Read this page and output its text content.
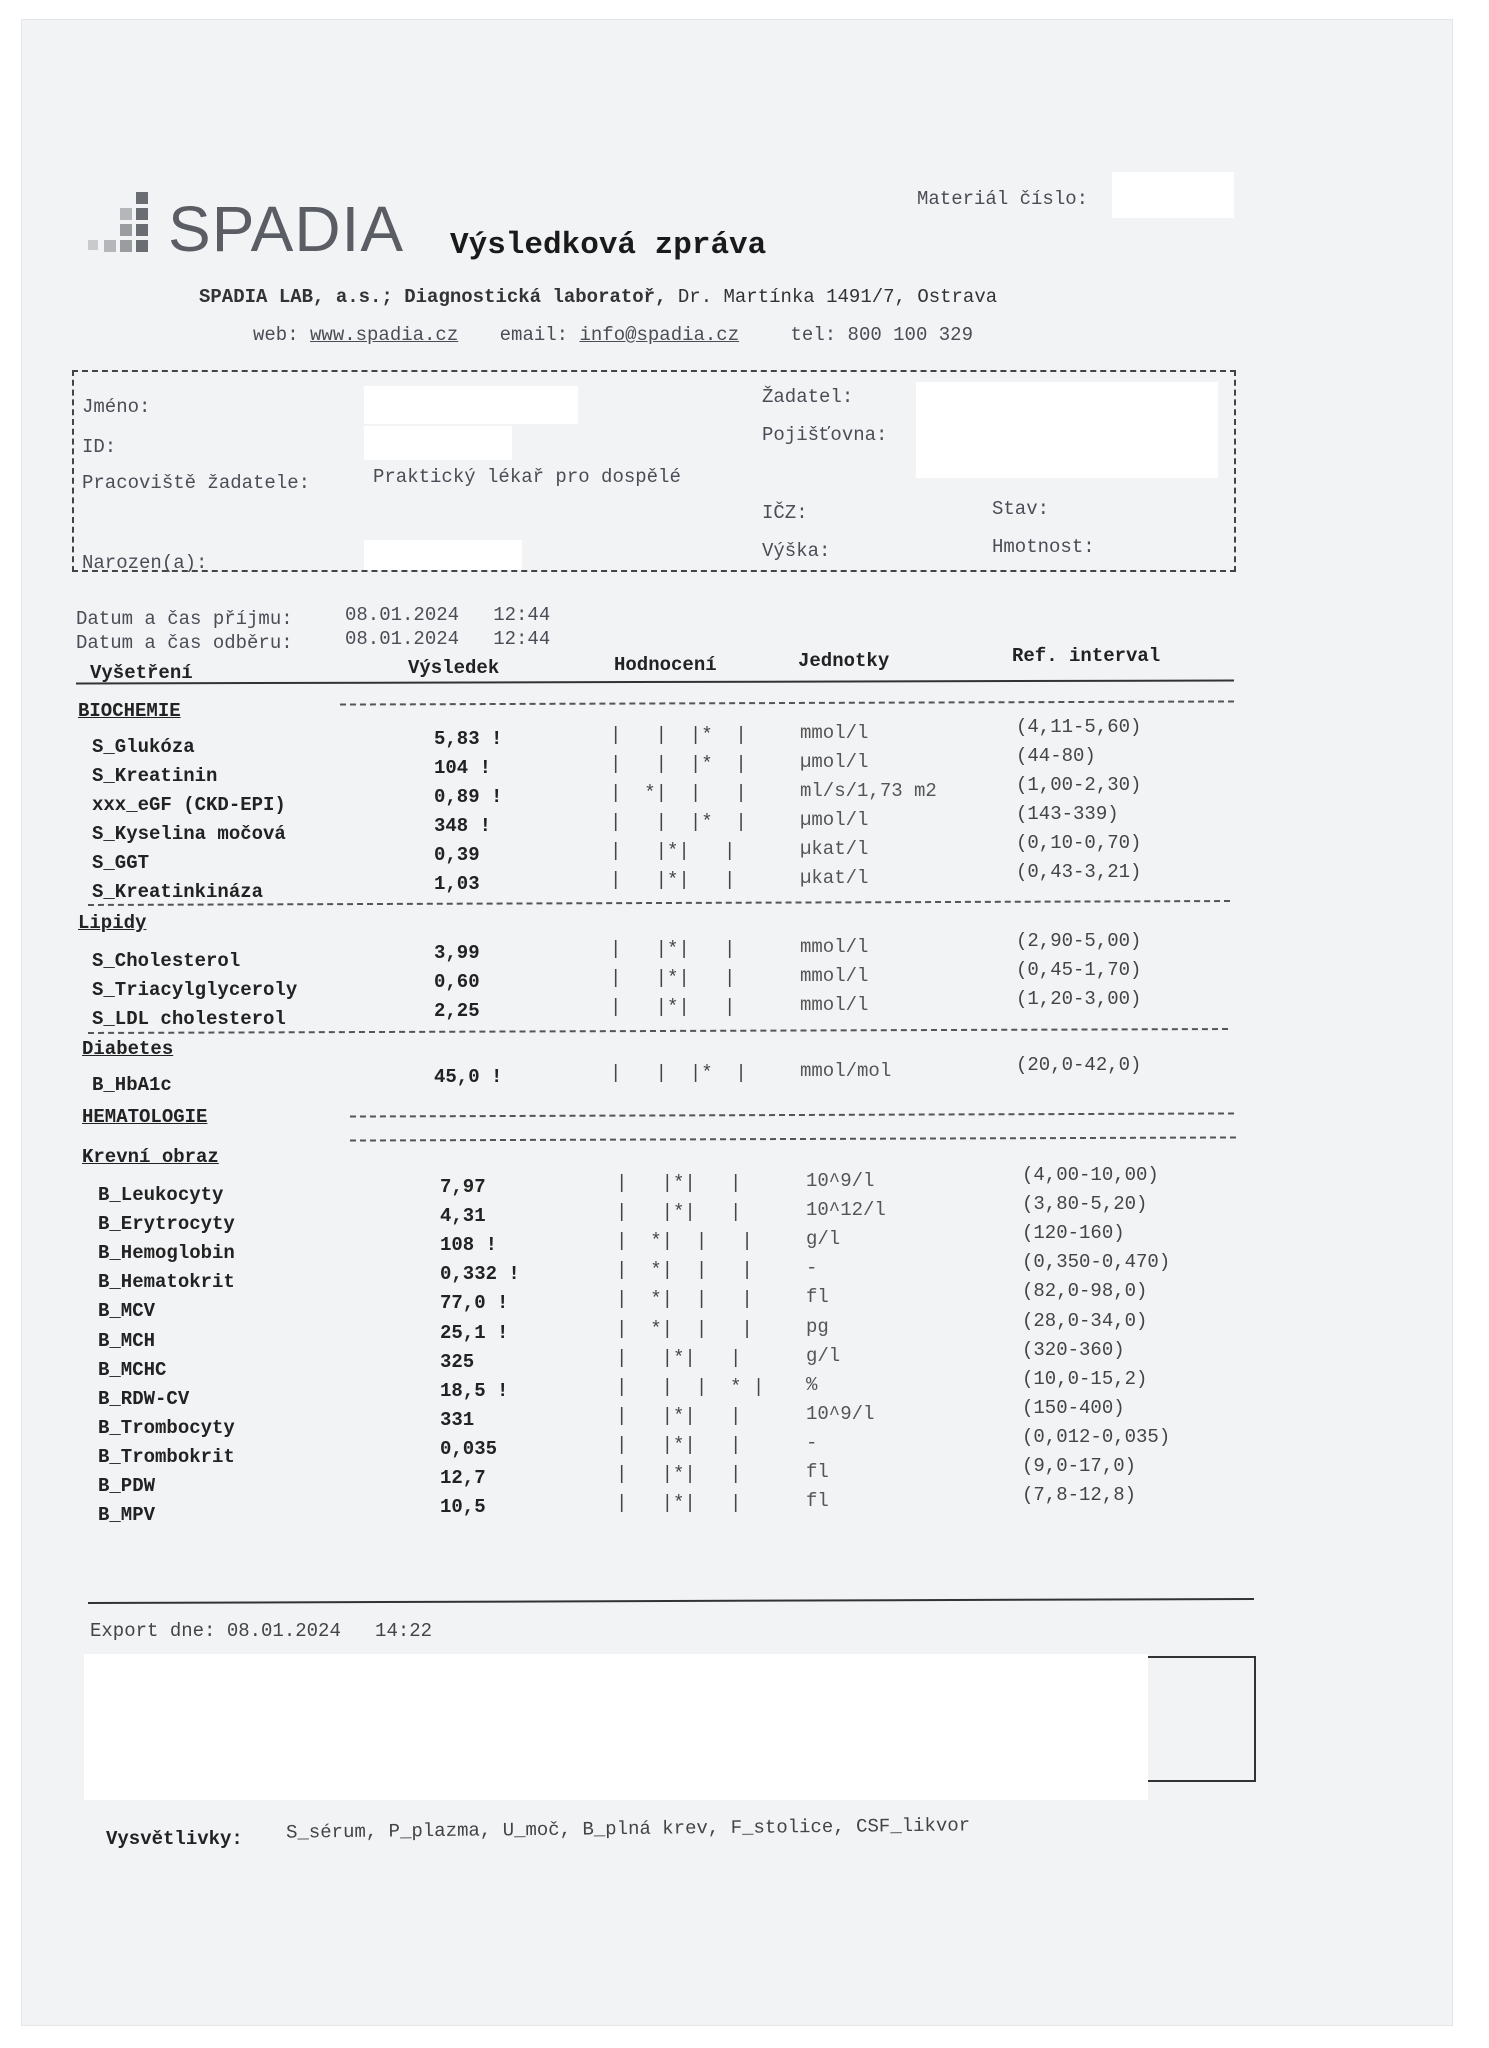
SPADIA	Materiál číslo:
Výsledková zpráva
SPADIA LAB, a.s.; Diagnostická laboratoř, Dr. Martínka 1491/7, Ostrava
web: www.spadia.cz email: info@spadia.cz	tel: 800 100 329
Jméno:
ID:
Pracoviště žadatele:	Praktický lékař pro dospělé
Narozen(a):
Žadatel:
Pojišťovna:
IČZ:	Stav:
Výška:	Hmotnost:
Datum a čas příjmu:	08.01.2024   12:44
Datum a čas odběru:	08.01.2024   12:44
Vyšetření	Výsledek	Hodnocení	Jednotky	Ref. interval
BIOCHEMIE
S_Glukóza	5,83 !	|   |  |*  |	mmol/l	(4,11-5,60)
S_Kreatinin	104 !	|   |  |*  |	µmol/l	(44-80)
xxx_eGF (CKD-EPI)	0,89 !	|  *|  |   |	ml/s/1,73 m2	(1,00-2,30)
S_Kyselina močová	348 !	|   |  |*  |	µmol/l	(143-339)
S_GGT	0,39	|   |*|   |	µkat/l	(0,10-0,70)
S_Kreatinkináza	1,03	|   |*|   |	µkat/l	(0,43-3,21)
Lipidy
S_Cholesterol	3,99	|   |*|   |	mmol/l	(2,90-5,00)
S_Triacylglyceroly	0,60	|   |*|   |	mmol/l	(0,45-1,70)
S_LDL cholesterol	2,25	|   |*|   |	mmol/l	(1,20-3,00)
Diabetes
B_HbA1c	45,0 !	|   |  |*  |	mmol/mol	(20,0-42,0)
HEMATOLOGIE
Krevní obraz
B_Leukocyty	7,97	|   |*|   |	10^9/l	(4,00-10,00)
B_Erytrocyty	4,31	|   |*|   |	10^12/l	(3,80-5,20)
B_Hemoglobin	108 !	|  *|  |   |	g/l	(120-160)
B_Hematokrit	0,332 !	|  *|  |   |	-	(0,350-0,470)
B_MCV	77,0 !	|  *|  |   |	fl	(82,0-98,0)
B_MCH	25,1 !	|  *|  |   |	pg	(28,0-34,0)
B_MCHC	325	|   |*|   |	g/l	(320-360)
B_RDW-CV	18,5 !	|   |  |  * | %	(10,0-15,2)
B_Trombocyty	331	|   |*|   |	10^9/l	(150-400)
B_Trombokrit	0,035	|   |*|   |	-	(0,012-0,035)
B_PDW	12,7	|   |*|   |	fl	(9,0-17,0)
B_MPV	10,5	|   |*|   |	fl	(7,8-12,8)
Export dne: 08.01.2024   14:22
Vysvětlivky: S_sérum, P_plazma, U_moč, B_plná krev, F_stolice, CSF_likvor
